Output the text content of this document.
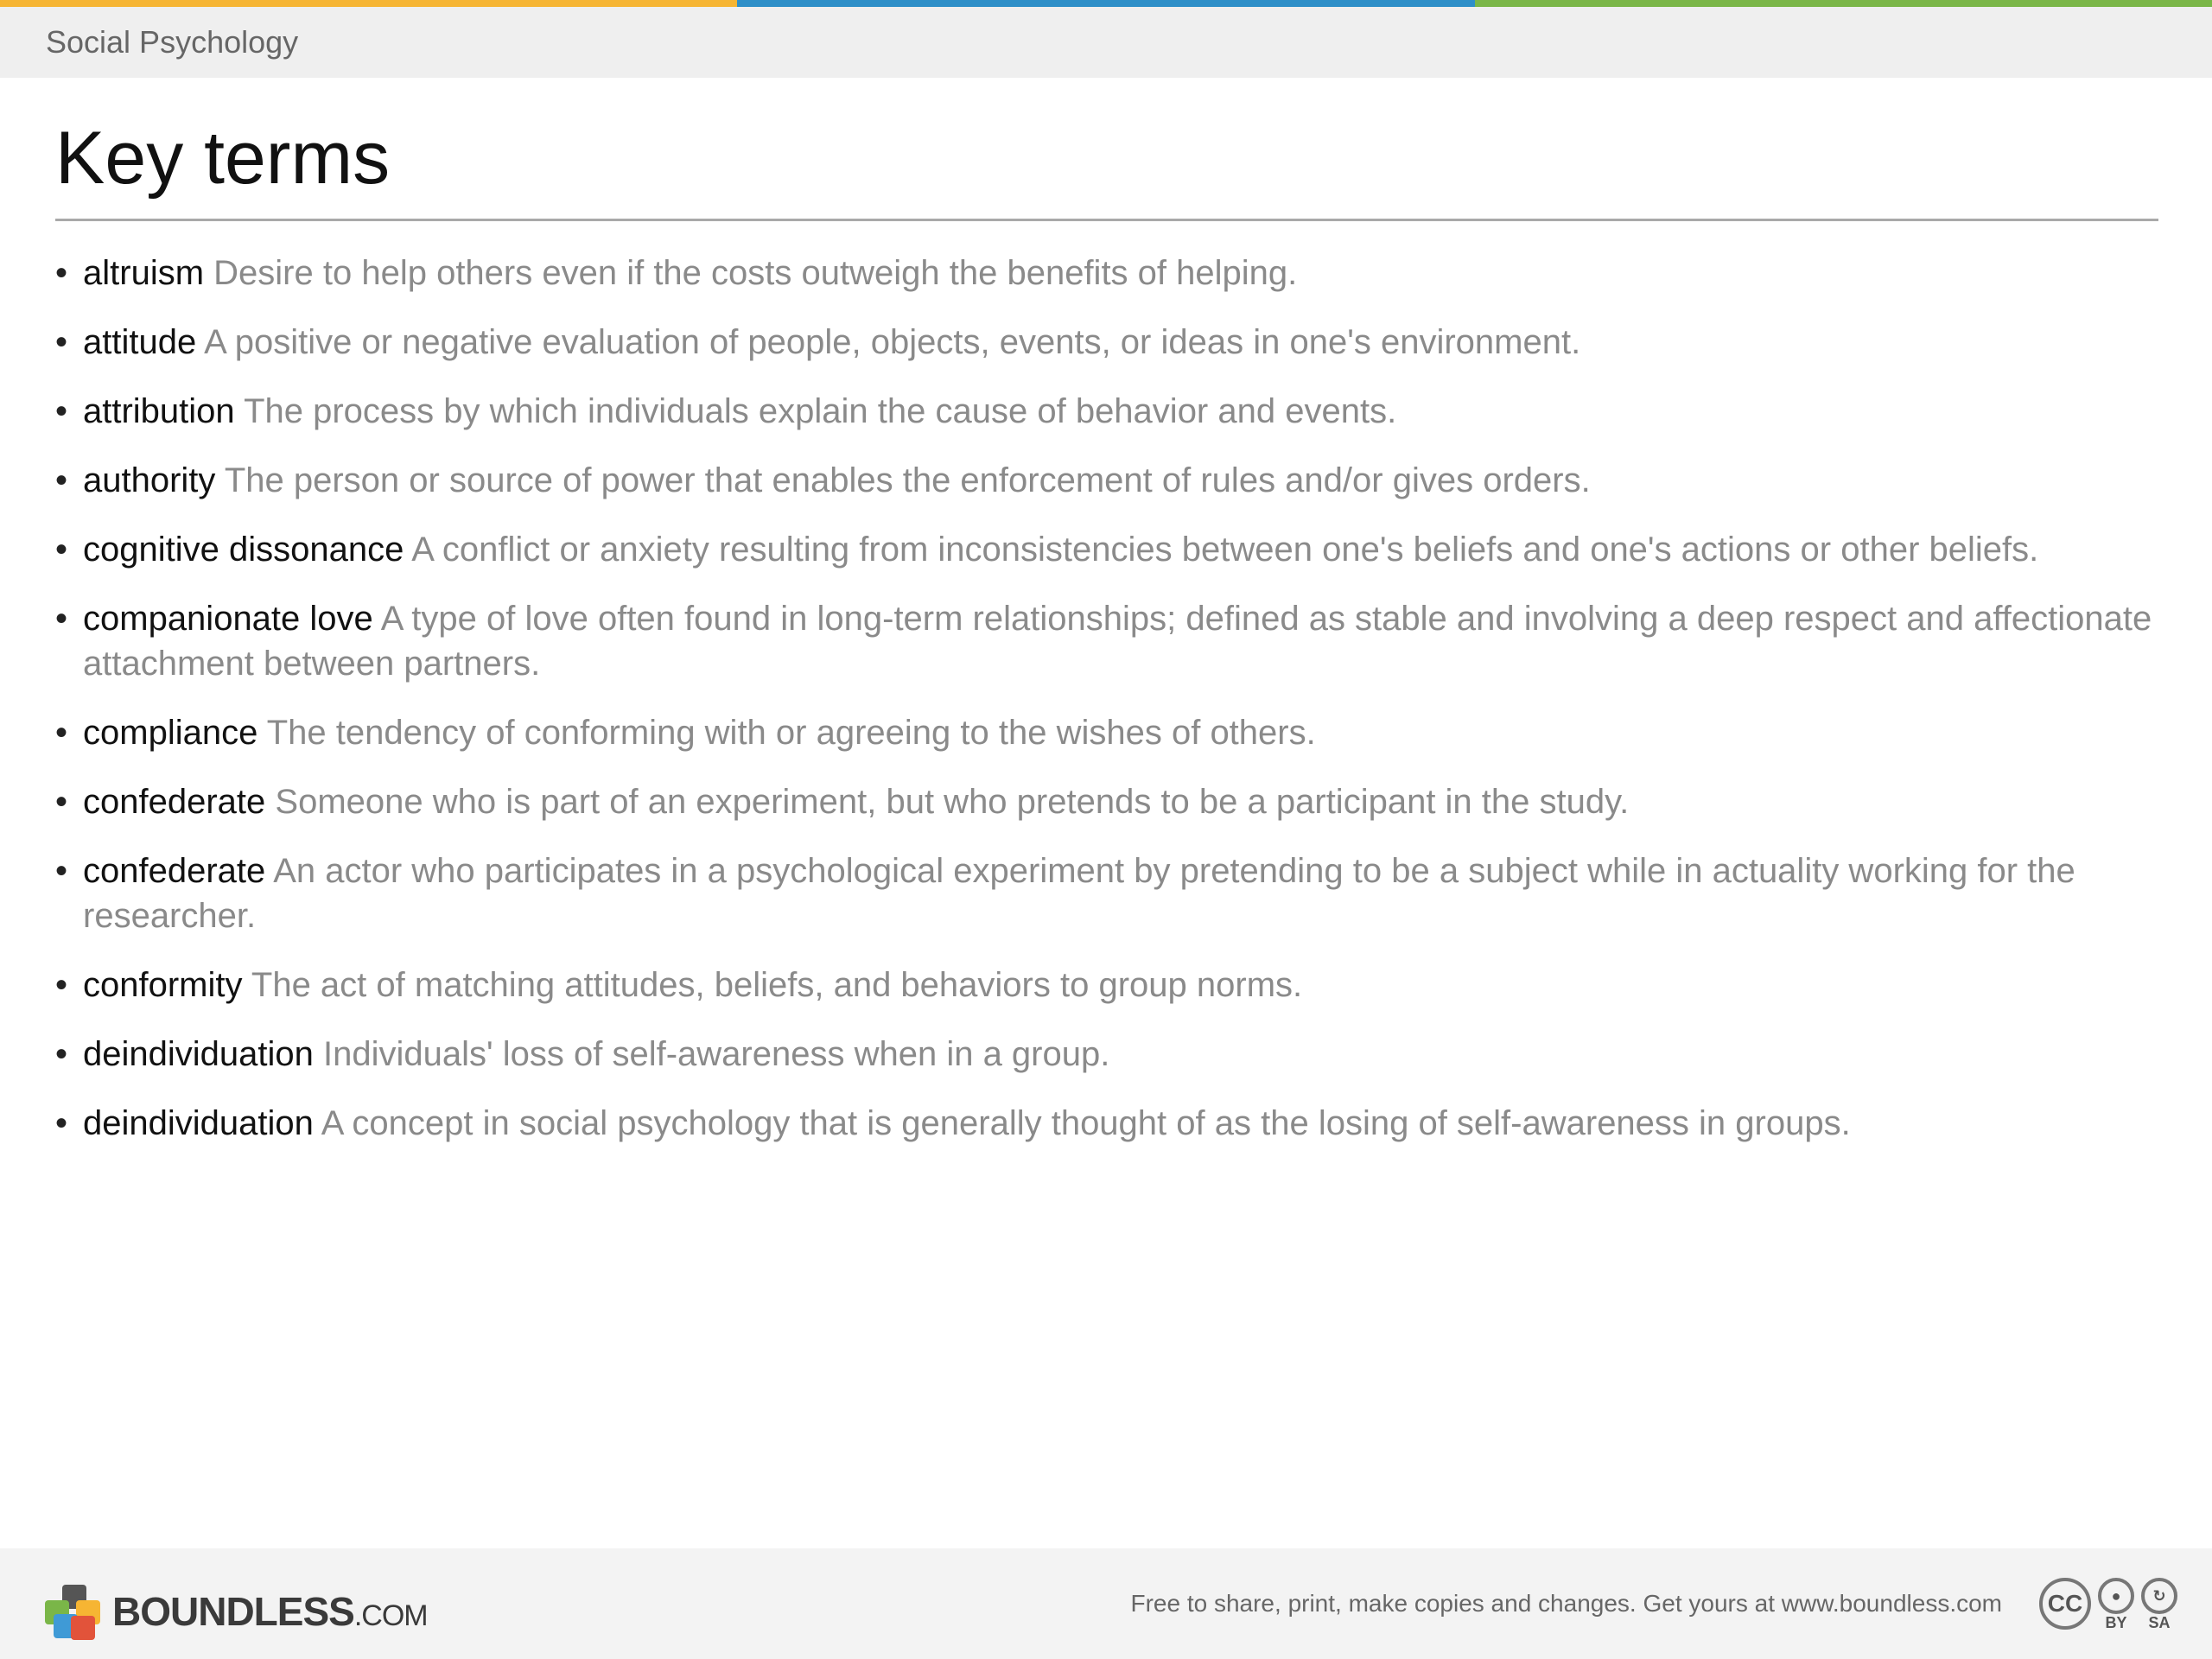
Social Psychology
Key terms
• altruism Desire to help others even if the costs outweigh the benefits of helping.
• attitude A positive or negative evaluation of people, objects, events, or ideas in one's environment.
• attribution The process by which individuals explain the cause of behavior and events.
• authority The person or source of power that enables the enforcement of rules and/or gives orders.
• cognitive dissonance A conflict or anxiety resulting from inconsistencies between one's beliefs and one's actions or other beliefs.
• companionate love A type of love often found in long-term relationships; defined as stable and involving a deep respect and affectionate attachment between partners.
• compliance The tendency of conforming with or agreeing to the wishes of others.
• confederate Someone who is part of an experiment, but who pretends to be a participant in the study.
• confederate An actor who participates in a psychological experiment by pretending to be a subject while in actuality working for the researcher.
• conformity The act of matching attitudes, beliefs, and behaviors to group norms.
• deindividuation Individuals' loss of self-awareness when in a group.
• deindividuation A concept in social psychology that is generally thought of as the losing of self-awareness in groups.
BOUNDLESS.COM	Free to share, print, make copies and changes. Get yours at www.boundless.com	CC	●
BY
↻
SA
